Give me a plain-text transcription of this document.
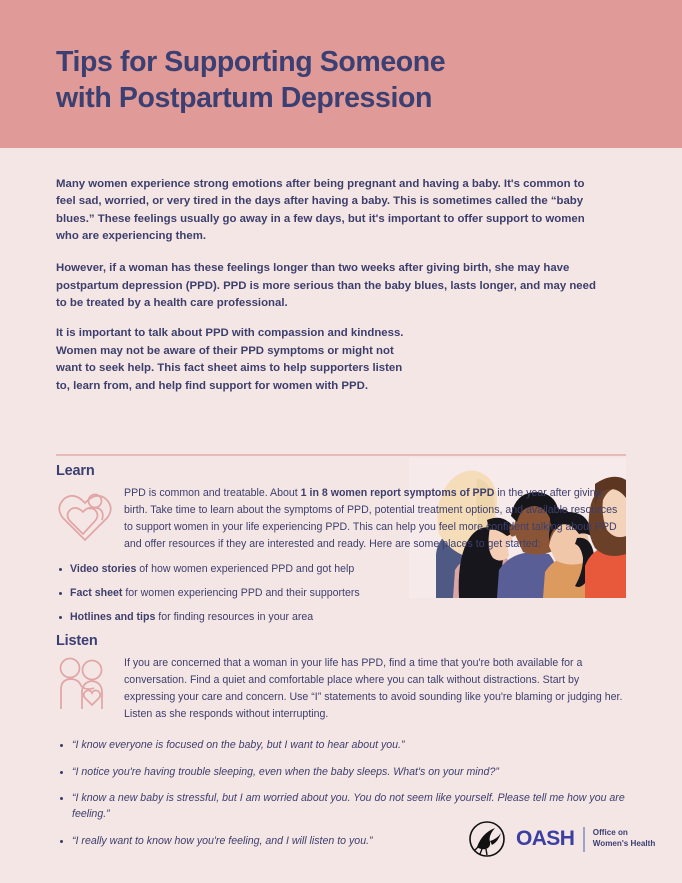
Tips for Supporting Someone
with Postpartum Depression

Many women experience strong emotions after being pregnant and having a baby. It's common to feel sad, worried, or very tired in the days after having a baby. This is sometimes called the “baby blues.” These feelings usually go away in a few days, but it's important to offer support to women who are experiencing them.

However, if a woman has these feelings longer than two weeks after giving birth, she may have postpartum depression (PPD). PPD is more serious than the baby blues, lasts longer, and may need to be treated by a health care professional.

It is important to talk about PPD with compassion and kindness. Women may not be aware of their PPD symptoms or might not want to seek help. This fact sheet aims to help supporters listen to, learn from, and help find support for women with PPD.

Learn
PPD is common and treatable. About 1 in 8 women report symptoms of PPD in the year after giving birth. Take time to learn about the symptoms of PPD, potential treatment options, and available resources to support women in your life experiencing PPD. This can help you feel more confident talking about PPD and offer resources if they are interested and ready. Here are some places to get started:
Video stories of how women experienced PPD and got help
Fact sheet for women experiencing PPD and their supporters
Hotlines and tips for finding resources in your area
Listen
If you are concerned that a woman in your life has PPD, find a time that you're both available for a conversation. Find a quiet and comfortable place where you can talk without distractions. Start by expressing your care and concern. Use “I” statements to avoid sounding like you're blaming or judging her. Listen as she responds without interrupting.
“I know everyone is focused on the baby, but I want to hear about you.”
“I notice you're having trouble sleeping, even when the baby sleeps. What's on your mind?”
“I know a new baby is stressful, but I am worried about you. You do not seem like yourself. Please tell me how you are feeling.”
“I really want to know how you're feeling, and I will listen to you.”	OASH Office on
Women's Health
